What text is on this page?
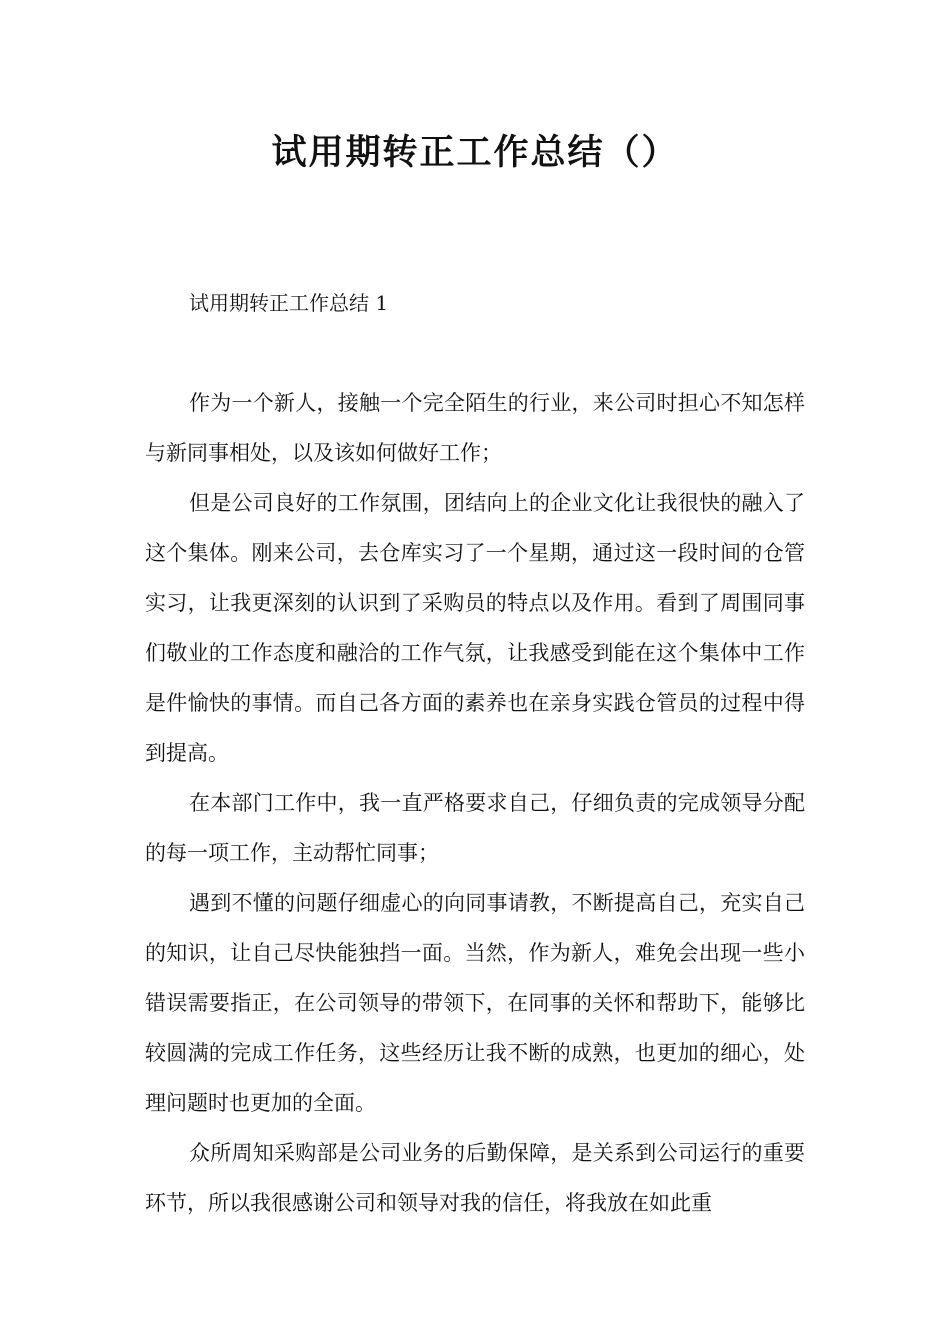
试用期转正工作总结（）

试用期转正工作总结 1

作为一个新人，接触一个完全陌生的行业，来公司时担心不知怎样与新同事相处，以及该如何做好工作；

但是公司良好的工作氛围，团结向上的企业文化让我很快的融入了这个集体。刚来公司，去仓库实习了一个星期，通过这一段时间的仓管实习，让我更深刻的认识到了采购员的特点以及作用。看到了周围同事们敬业的工作态度和融洽的工作气氛，让我感受到能在这个集体中工作是件愉快的事情。而自己各方面的素养也在亲身实践仓管员的过程中得到提高。

在本部门工作中，我一直严格要求自己，仔细负责的完成领导分配的每一项工作，主动帮忙同事；

遇到不懂的问题仔细虚心的向同事请教，不断提高自己，充实自己的知识，让自己尽快能独挡一面。当然，作为新人，难免会出现一些小错误需要指正，在公司领导的带领下，在同事的关怀和帮助下，能够比较圆满的完成工作任务，这些经历让我不断的成熟，也更加的细心，处理问题时也更加的全面。

众所周知采购部是公司业务的后勤保障，是关系到公司运行的重要环节，所以我很感谢公司和领导对我的信任，将我放在如此重
